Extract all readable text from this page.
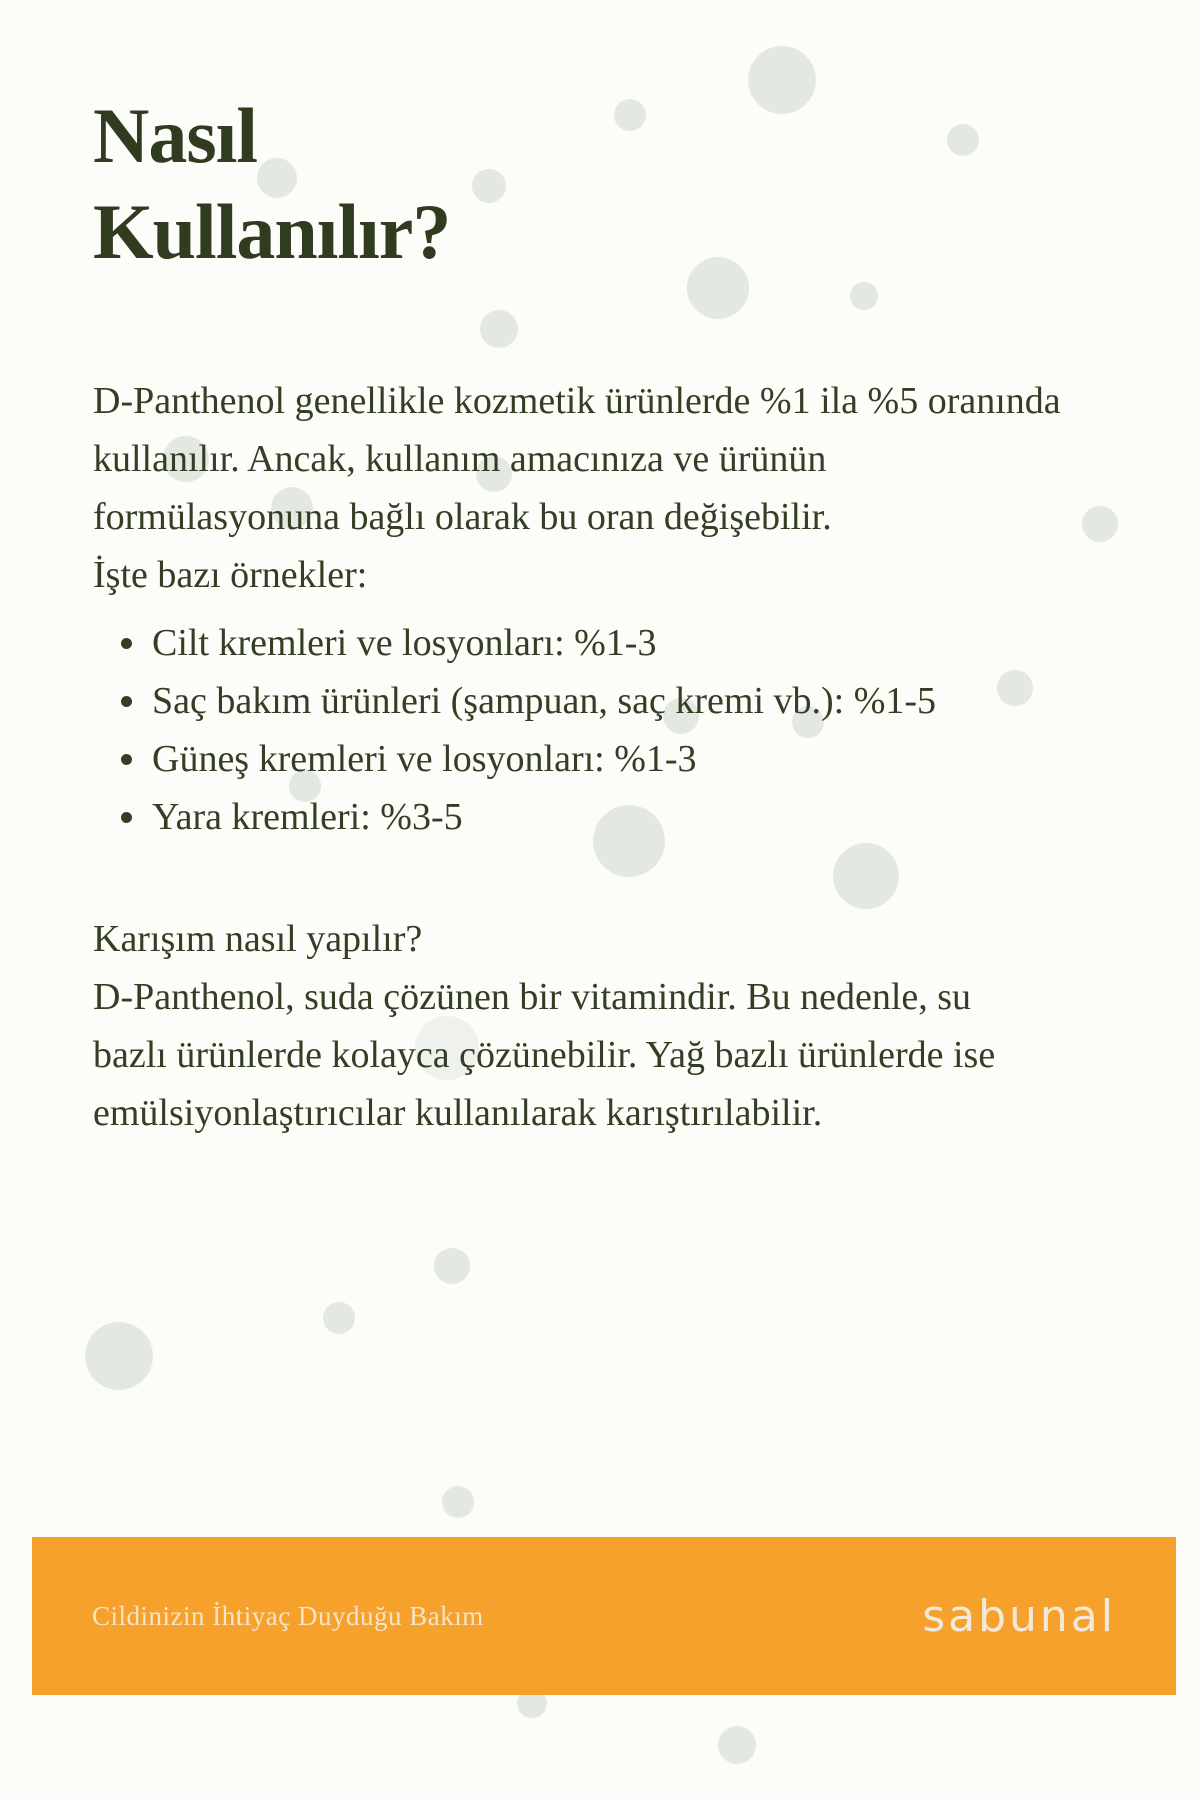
Nasıl
Kullanılır?
D-Panthenol genellikle kozmetik ürünlerde %1 ila %5 oranında
kullanılır. Ancak, kullanım amacınıza ve ürünün
formülasyonuna bağlı olarak bu oran değişebilir.
İşte bazı örnekler:
Cilt kremleri ve losyonları: %1-3
Saç bakım ürünleri (şampuan, saç kremi vb.): %1-5
Güneş kremleri ve losyonları: %1-3
Yara kremleri: %3-5
Karışım nasıl yapılır?
D-Panthenol, suda çözünen bir vitamindir. Bu nedenle, su
bazlı ürünlerde kolayca çözünebilir. Yağ bazlı ürünlerde ise
emülsiyonlaştırıcılar kullanılarak karıştırılabilir.
Cildinizin İhtiyaç Duyduğu Bakım	sabunal
